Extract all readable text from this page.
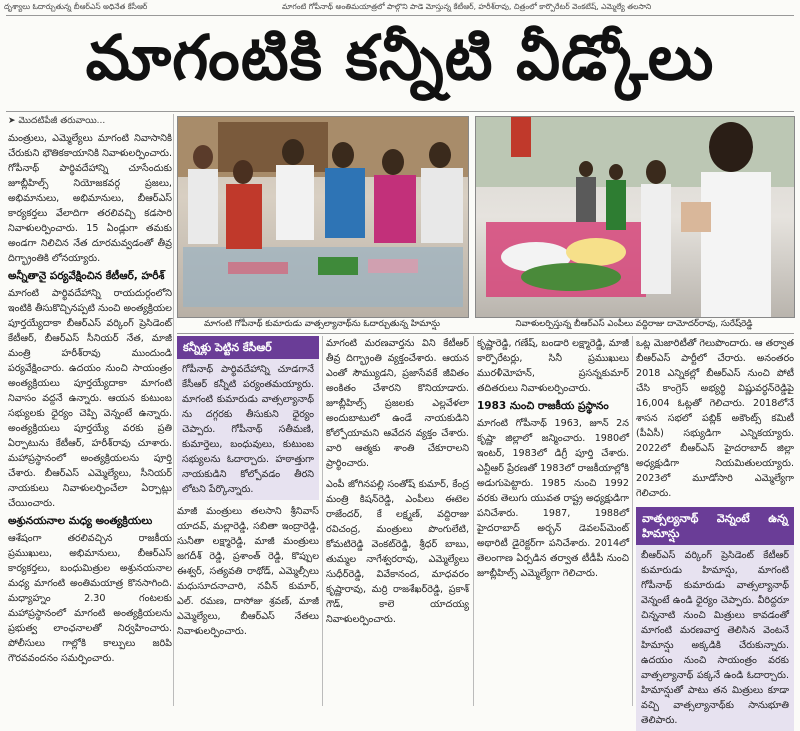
దృశ్యాలు ఓదార్చుతున్న బీఆర్‌ఎస్ అధినేత కేసీఆర్	మాగంటి గోపీనాథ్ అంతిమయాత్రలో పాల్గొని పాడె మోస్తున్న కేటీఆర్, హరీశ్‌రావు, చిత్రంలో కార్పొరేటర్ వెంకటేష్, ఎమ్మెల్యే తలసాని
మాగంటికి కన్నీటి వీడ్కోలు
➤ మొదటిపేజీ తరువాయి...

మంత్రులు, ఎమ్మెల్యేలు మాగంటి నివాసానికి చేరుకుని భౌతికకాయానికి నివాళులర్పించారు. గోపీనాథ్ పార్థివదేహాన్ని చూసేందుకు జూబ్లీహిల్స్ నియోజకవర్గ ప్రజలు, అభిమానులు, అభిమానులు, బీఆర్‌ఎస్ కార్యకర్తలు వేలాదిగా తరలివచ్చి కడసారి నివాళులర్పించారు. 15 ఏండ్లుగా తమకు అండగా నిలిచిన నేత దూరమవ్వడంతో తీవ్ర దిగ్భ్రాంతికి లోనయ్యారు.

అన్నీతానై పర్యవేక్షించిన కేటీఆర్, హరీశ్

మాగంటి పార్థివదేహాన్ని రాయదుర్గంలోని ఇంటికి తీసుకొచ్చినప్పటి నుంచి అంత్యక్రియల పూర్తయ్యేదాకా బీఆర్‌ఎస్ వర్కింగ్ ప్రెసిడెంట్ కేటీఆర్, బీఆర్‌ఎస్ సీనియర్ నేత, మాజీ మంత్రి హరీశ్‌రావు ముందుండి పర్యవేక్షించారు. ఉదయం నుంచి సాయంత్రం అంత్యక్రియలు పూర్తయ్యేదాకా మాగంటి నివాసం వద్దనే ఉన్నారు. ఆయన కుటుంబ సభ్యులకు ధైర్యం చెప్పి వెన్నంటే ఉన్నారు. అంత్యక్రియలు పూర్తయ్యే వరకు ప్రతి ఏర్పాటును కేటీఆర్, హరీశ్‌రావు చూశారు. మహాప్రస్థానంలో అంత్యక్రియలను పూర్తి చేశారు. బీఆర్‌ఎస్ ఎమ్మెల్యేలు, సీనియర్ నాయకులు నివాళులర్పించేలా ఏర్పాట్లు చేయించారు.

అశ్రునయనాల మధ్య అంత్యక్రియలు

ఆశేషంగా తరలివచ్చిన రాజకీయ ప్రముఖులు, అభిమానులు, బీఆర్‌ఎస్ కార్యకర్తలు, బంధుమిత్రుల అశ్రునయనాల మధ్య మాగంటి అంతిమయాత్ర కొనసాగింది. మధ్యాహ్నం 2.30 గంటలకు మహాప్రస్థానంలో మాగంటి అంత్యక్రియలను ప్రభుత్వ లాంఛనాలతో నిర్వహించారు. పోలీసులు గాల్లోకి కాల్పులు జరిపి గౌరవవందనం సమర్పించారు.

మాగంటి గోపీనాథ్ కుమారుడు వాత్సల్యానాథ్‌ను ఓదార్చుతున్న హిమాన్షు	నివాళులర్పిస్తున్న బీఆర్‌ఎస్ ఎంపీలు వద్దిరాజు దామోదర్‌రావు, సురేష్‌రెడ్డి
కన్నీళ్లు పెట్టిన కేసీఆర్

గోపీనాథ్ పార్థివదేహాన్ని చూడగానే కేసీఆర్ కన్నీటి పర్యంతమయ్యారు. మాగంటి కుమారుడు వాత్సల్యానాథ్ ను దగ్గరకు తీసుకుని ధైర్యం చెప్పారు. గోపీనాథ్ సతీమణి, కుమార్తెలు, బంధువులు, కుటుంబ సభ్యులను ఓదార్చారు. హఠాత్తుగా నాయకుడిని కోల్పోవడం తీరని లోటని పేర్కొన్నారు.

మాజీ మంత్రులు తలసాని శ్రీనివాస్ యాదవ్, మల్లారెడ్డి, సబితా ఇంద్రారెడ్డి, సునీతా లక్ష్మారెడ్డి, మాజీ మంత్రులు జగదీశ్ రెడ్డి, ప్రశాంత్ రెడ్డి, కొప్పుల ఈశ్వర్, సత్యవతి రాథోడ్, ఎమ్మెల్సీలు మధుసూదనాచారి, నవీన్ కుమార్, ఎల్. రమణ, దాసోజు శ్రవణ్, మాజీ ఎమ్మెల్యేలు, బీఆర్‌ఎస్ నేతలు నివాళులర్పించారు.

మాగంటి మరణవార్తను విని కేటీఆర్ తీవ్ర దిగ్భ్రాంతి వ్యక్తంచేశారు. ఆయన ఎంతో సౌమ్యుడని, ప్రజాసేవకే జీవితం అంకితం చేశారని కొనియాడారు. జూబ్లీహిల్స్ ప్రజలకు ఎల్లవేళలా అందుబాటులో ఉండే నాయకుడిని కోల్పోయామని ఆవేదన వ్యక్తం చేశారు. వారి ఆత్మకు శాంతి చేకూరాలని ప్రార్థించారు.

ఎంపీ జోగినపల్లి సంతోష్ కుమార్, కేంద్ర మంత్రి కిషన్‌రెడ్డి, ఎంపీలు ఈటెల రాజేందర్, కే లక్ష్మణ్, వద్దిరాజు రవిచంద్ర, మంత్రులు పొంగులేటి, కోమటిరెడ్డి వెంకట్‌రెడ్డి, శ్రీధర్ బాబు, తుమ్మల నాగేశ్వరరావు, ఎమ్మెల్యేలు సుధీర్‌రెడ్డి, వివేకానంద, మాధవరం కృష్ణారావు, మర్రి రాజశేఖర్‌రెడ్డి, ప్రకాశ్ గౌడ్, కాలె యాదయ్య నివాళులర్పించారు.

కృష్ణారెడ్డి, గణేష్, బండారి లక్ష్మారెడ్డి, మాజీ కార్పొరేటర్లు, సినీ ప్రముఖులు మురళీమోహన్, ప్రసన్నకుమార్ తదితరులు నివాళులర్పించారు.

1983 నుంచి రాజకీయ ప్రస్థానం

మాగంటి గోపీనాథ్ 1963, జూన్ 2న కృష్ణా జిల్లాలో జన్మించారు. 1980లో ఇంటర్, 1983లో డిగ్రీ పూర్తి చేశారు. ఎన్టీఆర్ ప్రేరణతో 1983లో రాజకీయాల్లోకి అడుగుపెట్టారు. 1985 నుంచి 1992 వరకు తెలుగు యువత రాష్ట్ర అధ్యక్షుడిగా పనిచేశారు. 1987, 1988లో హైదరాబాద్ అర్బన్ డెవలప్‌మెంట్ అథారిటీ డైరెక్టర్‌గా పనిచేశారు. 2014లో తెలంగాణ ఏర్పడిన తర్వాత టీడీపీ నుంచి జూబ్లీహిల్స్ ఎమ్మెల్యేగా గెలిచారు.

ఒట్ల మెజారిటీతో గెలుపొందారు. ఆ తర్వాత బీఆర్‌ఎస్ పార్టీలో చేరారు. అనంతరం 2018 ఎన్నికల్లో బీఆర్‌ఎస్ నుంచి పోటీ చేసి కాంగ్రెస్ అభ్యర్థి విష్ణువర్ధన్‌రెడ్డిపై 16,004 ఓట్లతో గెలిచారు. 2018లోనే శాసన సభలో పబ్లిక్ అకౌంట్స్ కమిటీ (పీఏసీ) సభ్యుడిగా ఎన్నికయ్యారు. 2022లో బీఆర్‌ఎస్ హైదరాబాద్ జిల్లా అధ్యక్షుడిగా నియమితులయ్యారు. 2023లో మూడోసారి ఎమ్మెల్యేగా గెలిచారు.

వాత్సల్యనాథ్ వెన్నంటే ఉన్న హిమాన్షు

బీఆర్‌ఎస్ వర్కింగ్ ప్రెసిడెంట్ కేటీఆర్ కుమారుడు హిమాన్షు, మాగంటి గోపీనాథ్ కుమారుడు వాత్సల్యానాథ్ వెన్నంటే ఉండి ధైర్యం చెప్పారు. వీరిద్దరూ చిన్ననాటి నుంచి మిత్రులు కావడంతో మాగంటి మరణవార్త తెలిసిన వెంటనే హిమాన్షు అక్కడికి చేరుకున్నారు. ఉదయం నుంచి సాయంత్రం వరకు వాత్సల్యానాథ్ పక్కనే ఉండి ఓదార్చారు. హిమాన్షుతో పాటు తన మిత్రులు కూడా వచ్చి వాత్సల్యానాథ్‌కు సానుభూతి తెలిపారు.
